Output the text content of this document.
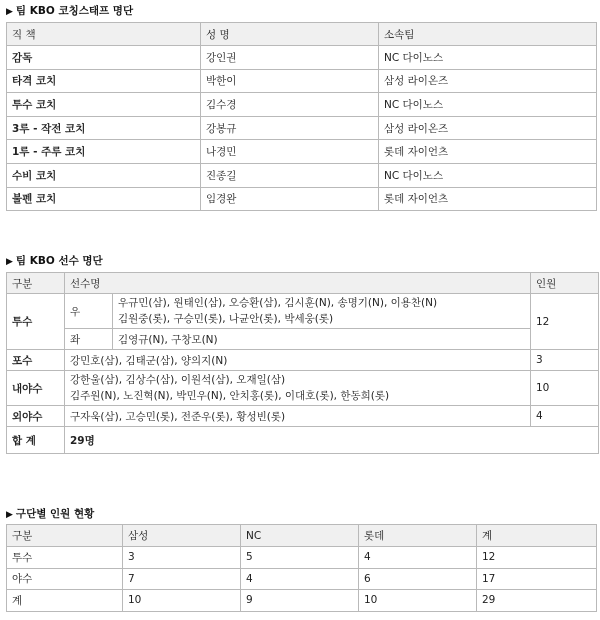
▶ 팀 KBO 코칭스태프 명단
직 책	성 명	소속팀
감독	강인권	NC 다이노스
타격 코치	박한이	삼성 라이온즈
투수 코치	김수경	NC 다이노스
3루 - 작전 코치	강봉규	삼성 라이온즈
1루 - 주루 코치	나경민	롯데 자이언츠
수비 코치	진종길	NC 다이노스
불펜 코치	임경완	롯데 자이언츠
▶ 팀 KBO 선수 명단
구분	선수명		인원
투수	우	우규민(삼), 원태인(삼), 오승환(삼), 김시훈(N), 송명기(N), 이용찬(N)
김원중(롯), 구승민(롯), 나균안(롯), 박세웅(롯)	12
	좌	김영규(N), 구창모(N)	
포수	강민호(삼), 김태군(삼), 양의지(N)		3
내야수	강한울(삼), 김상수(삼), 이원석(삼), 오재일(삼)
김주원(N), 노진혁(N), 박민우(N), 안치홍(롯), 이대호(롯), 한동희(롯)		10
외야수	구자욱(삼), 고승민(롯), 전준우(롯), 황성빈(롯)		4
합 계	29명		
▶ 구단별 인원 현황
구분	삼성	NC	롯데	계
투수	3	5	4	12
야수	7	4	6	17
계	10	9	10	29
